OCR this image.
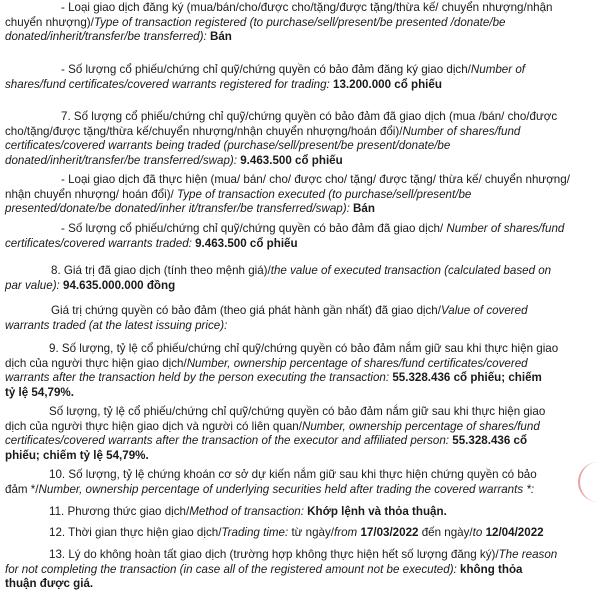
- Loại giao dịch đăng ký (mua/bán/cho/được cho/tặng/được tặng/thừa kế/ chuyển nhượng/nhận
chuyển nhượng)/Type of transaction registered (to purchase/sell/present/be presented /donate/be
donated/inherit/transfer/be transferred): Bán
- Số lượng cổ phiếu/chứng chỉ quỹ/chứng quyền có bảo đảm đăng ký giao dịch/Number of
shares/fund certificates/covered warrants registered for trading: 13.200.000 cổ phiếu
7. Số lượng cổ phiếu/chứng chỉ quỹ/chứng quyền có bảo đảm đã giao dịch (mua /bán/ cho/được
cho/tặng/được tặng/thừa kế/chuyển nhượng/nhận chuyển nhượng/hoán đổi)/Number of shares/fund
certificates/covered warrants being traded (purchase/sell/present/be present/donate/be
donated/inherit/transfer/be transferred/swap): 9.463.500 cổ phiếu
- Loại giao dịch đã thực hiện (mua/ bán/ cho/ được cho/ tặng/ được tặng/ thừa kế/ chuyển nhượng/
nhận chuyển nhượng/ hoán đổi)/ Type of transaction executed (to purchase/sell/present/be
presented/donate/be donated/inher it/transfer/be transferred/swap): Bán
- Số lượng cổ phiếu/chứng chỉ quỹ/chứng quyền có bảo đảm đã giao dịch/ Number of shares/fund
certificates/covered warrants traded: 9.463.500 cổ phiếu
8. Giá trị đã giao dịch (tính theo mệnh giá)/the value of executed transaction (calculated based on
par value): 94.635.000.000 đồng
Giá trị chứng quyền có bảo đảm (theo giá phát hành gần nhất) đã giao dịch/Value of covered
warrants traded (at the latest issuing price):
9. Số lượng, tỷ lệ cổ phiếu/chứng chỉ quỹ/chứng quyền có bảo đảm nắm giữ sau khi thực hiện giao
dịch của người thực hiện giao dịch/Number, ownership percentage of shares/fund certificates/covered
warrants after the transaction held by the person executing the transaction: 55.328.436 cổ phiếu; chiếm
tỷ lệ 54,79%.
Số lượng, tỷ lệ cổ phiếu/chứng chỉ quỹ/chứng quyền có bảo đảm nắm giữ sau khi thực hiện giao
dịch của người thực hiện giao dịch và người có liên quan/Number, ownership percentage of shares/fund
certificates/covered warrants after the transaction of the executor and affiliated person: 55.328.436 cổ
phiếu; chiếm tỷ lệ 54,79%.
10. Số lượng, tỷ lệ chứng khoán cơ sở dự kiến nắm giữ sau khi thực hiện chứng quyền có bảo
đảm */Number, ownership percentage of underlying securities held after trading the covered warrants *:
11. Phương thức giao dịch/Method of transaction: Khớp lệnh và thỏa thuận.
12. Thời gian thực hiện giao dịch/Trading time: từ ngày/from 17/03/2022 đến ngày/to 12/04/2022
13. Lý do không hoàn tất giao dịch (trường hợp không thực hiện hết số lượng đăng ký)/The reason
for not completing the transaction (in case all of the registered amount not be executed): không thỏa
thuận được giá.
